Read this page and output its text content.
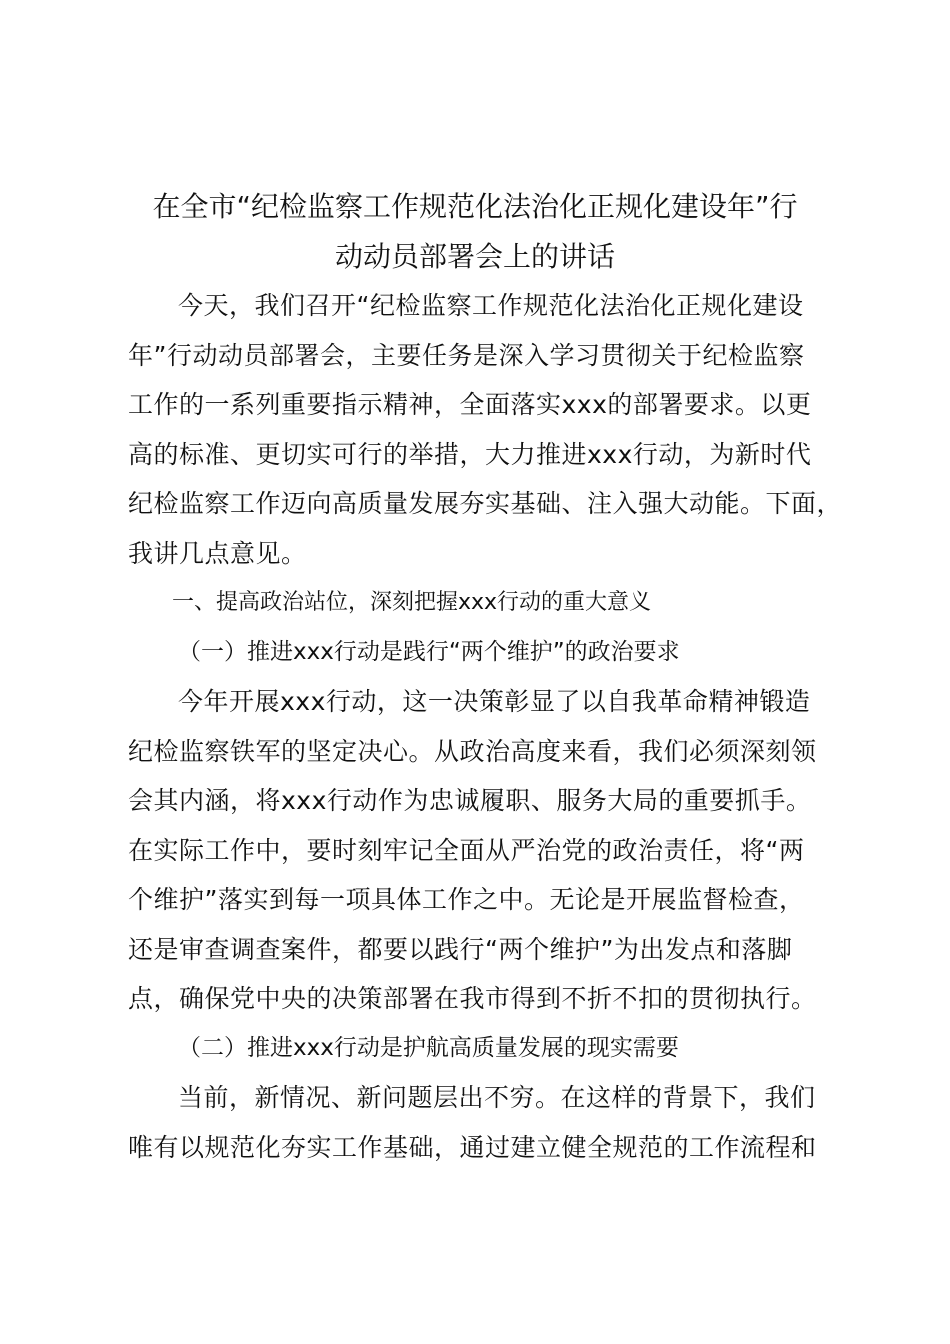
在全市“纪检监察工作规范化法治化正规化建设年”行
动动员部署会上的讲话
今天，我们召开“纪检监察工作规范化法治化正规化建设
年”行动动员部署会，主要任务是深入学习贯彻关于纪检监察
工作的一系列重要指示精神，全面落实xxx的部署要求。以更
高的标准、更切实可行的举措，大力推进xxx行动，为新时代
纪检监察工作迈向高质量发展夯实基础、注入强大动能。下面，
我讲几点意见。
一、提高政治站位，深刻把握xxx行动的重大意义
（一）推进xxx行动是践行“两个维护”的政治要求
今年开展xxx行动，这一决策彰显了以自我革命精神锻造
纪检监察铁军的坚定决心。从政治高度来看，我们必须深刻领
会其内涵，将xxx行动作为忠诚履职、服务大局的重要抓手。
在实际工作中，要时刻牢记全面从严治党的政治责任，将“两
个维护”落实到每一项具体工作之中。无论是开展监督检查，
还是审查调查案件，都要以践行“两个维护”为出发点和落脚
点，确保党中央的决策部署在我市得到不折不扣的贯彻执行。
（二）推进xxx行动是护航高质量发展的现实需要
当前，新情况、新问题层出不穷。在这样的背景下，我们
唯有以规范化夯实工作基础，通过建立健全规范的工作流程和
